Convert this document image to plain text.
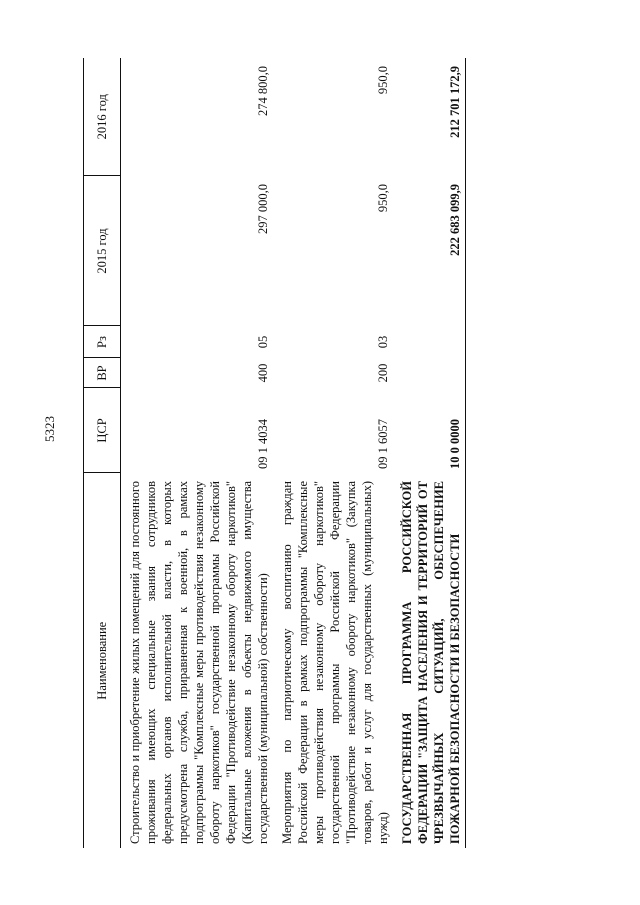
5323
Наименование	ЦСР	ВР	Рз	2015 год	2016 год
Строительство и приобретение жилых помещений для постоянного проживания имеющих специальные звания сотрудников федеральных органов исполнительной власти, в которых предусмотрена служба, приравненная к военной, в рамках подпрограммы "Комплексные меры противодействия незаконному обороту наркотиков" государственной программы Российской Федерации "Противодействие незаконному обороту наркотиков" (Капитальные вложения в объекты недвижимого имущества государственной (муниципальной) собственности)	09 1 4034	400	05	297 000,0	274 800,0
Мероприятия по патриотическому воспитанию граждан Российской Федерации в рамках подпрограммы "Комплексные меры противодействия незаконному обороту наркотиков" государственной программы Российской Федерации "Противодействие незаконному обороту наркотиков" (Закупка товаров, работ и услуг для государственных (муниципальных) нужд)	09 1 6057	200	03	950,0	950,0
ГОСУДАРСТВЕННАЯ ПРОГРАММА РОССИЙСКОЙ ФЕДЕРАЦИИ "ЗАЩИТА НАСЕЛЕНИЯ И ТЕРРИТОРИЙ ОТ ЧРЕЗВЫЧАЙНЫХ СИТУАЦИЙ, ОБЕСПЕЧЕНИЕ ПОЖАРНОЙ БЕЗОПАСНОСТИ И БЕЗОПАСНОСТИ	10 0 0000			222 683 099,9	212 701 172,9
